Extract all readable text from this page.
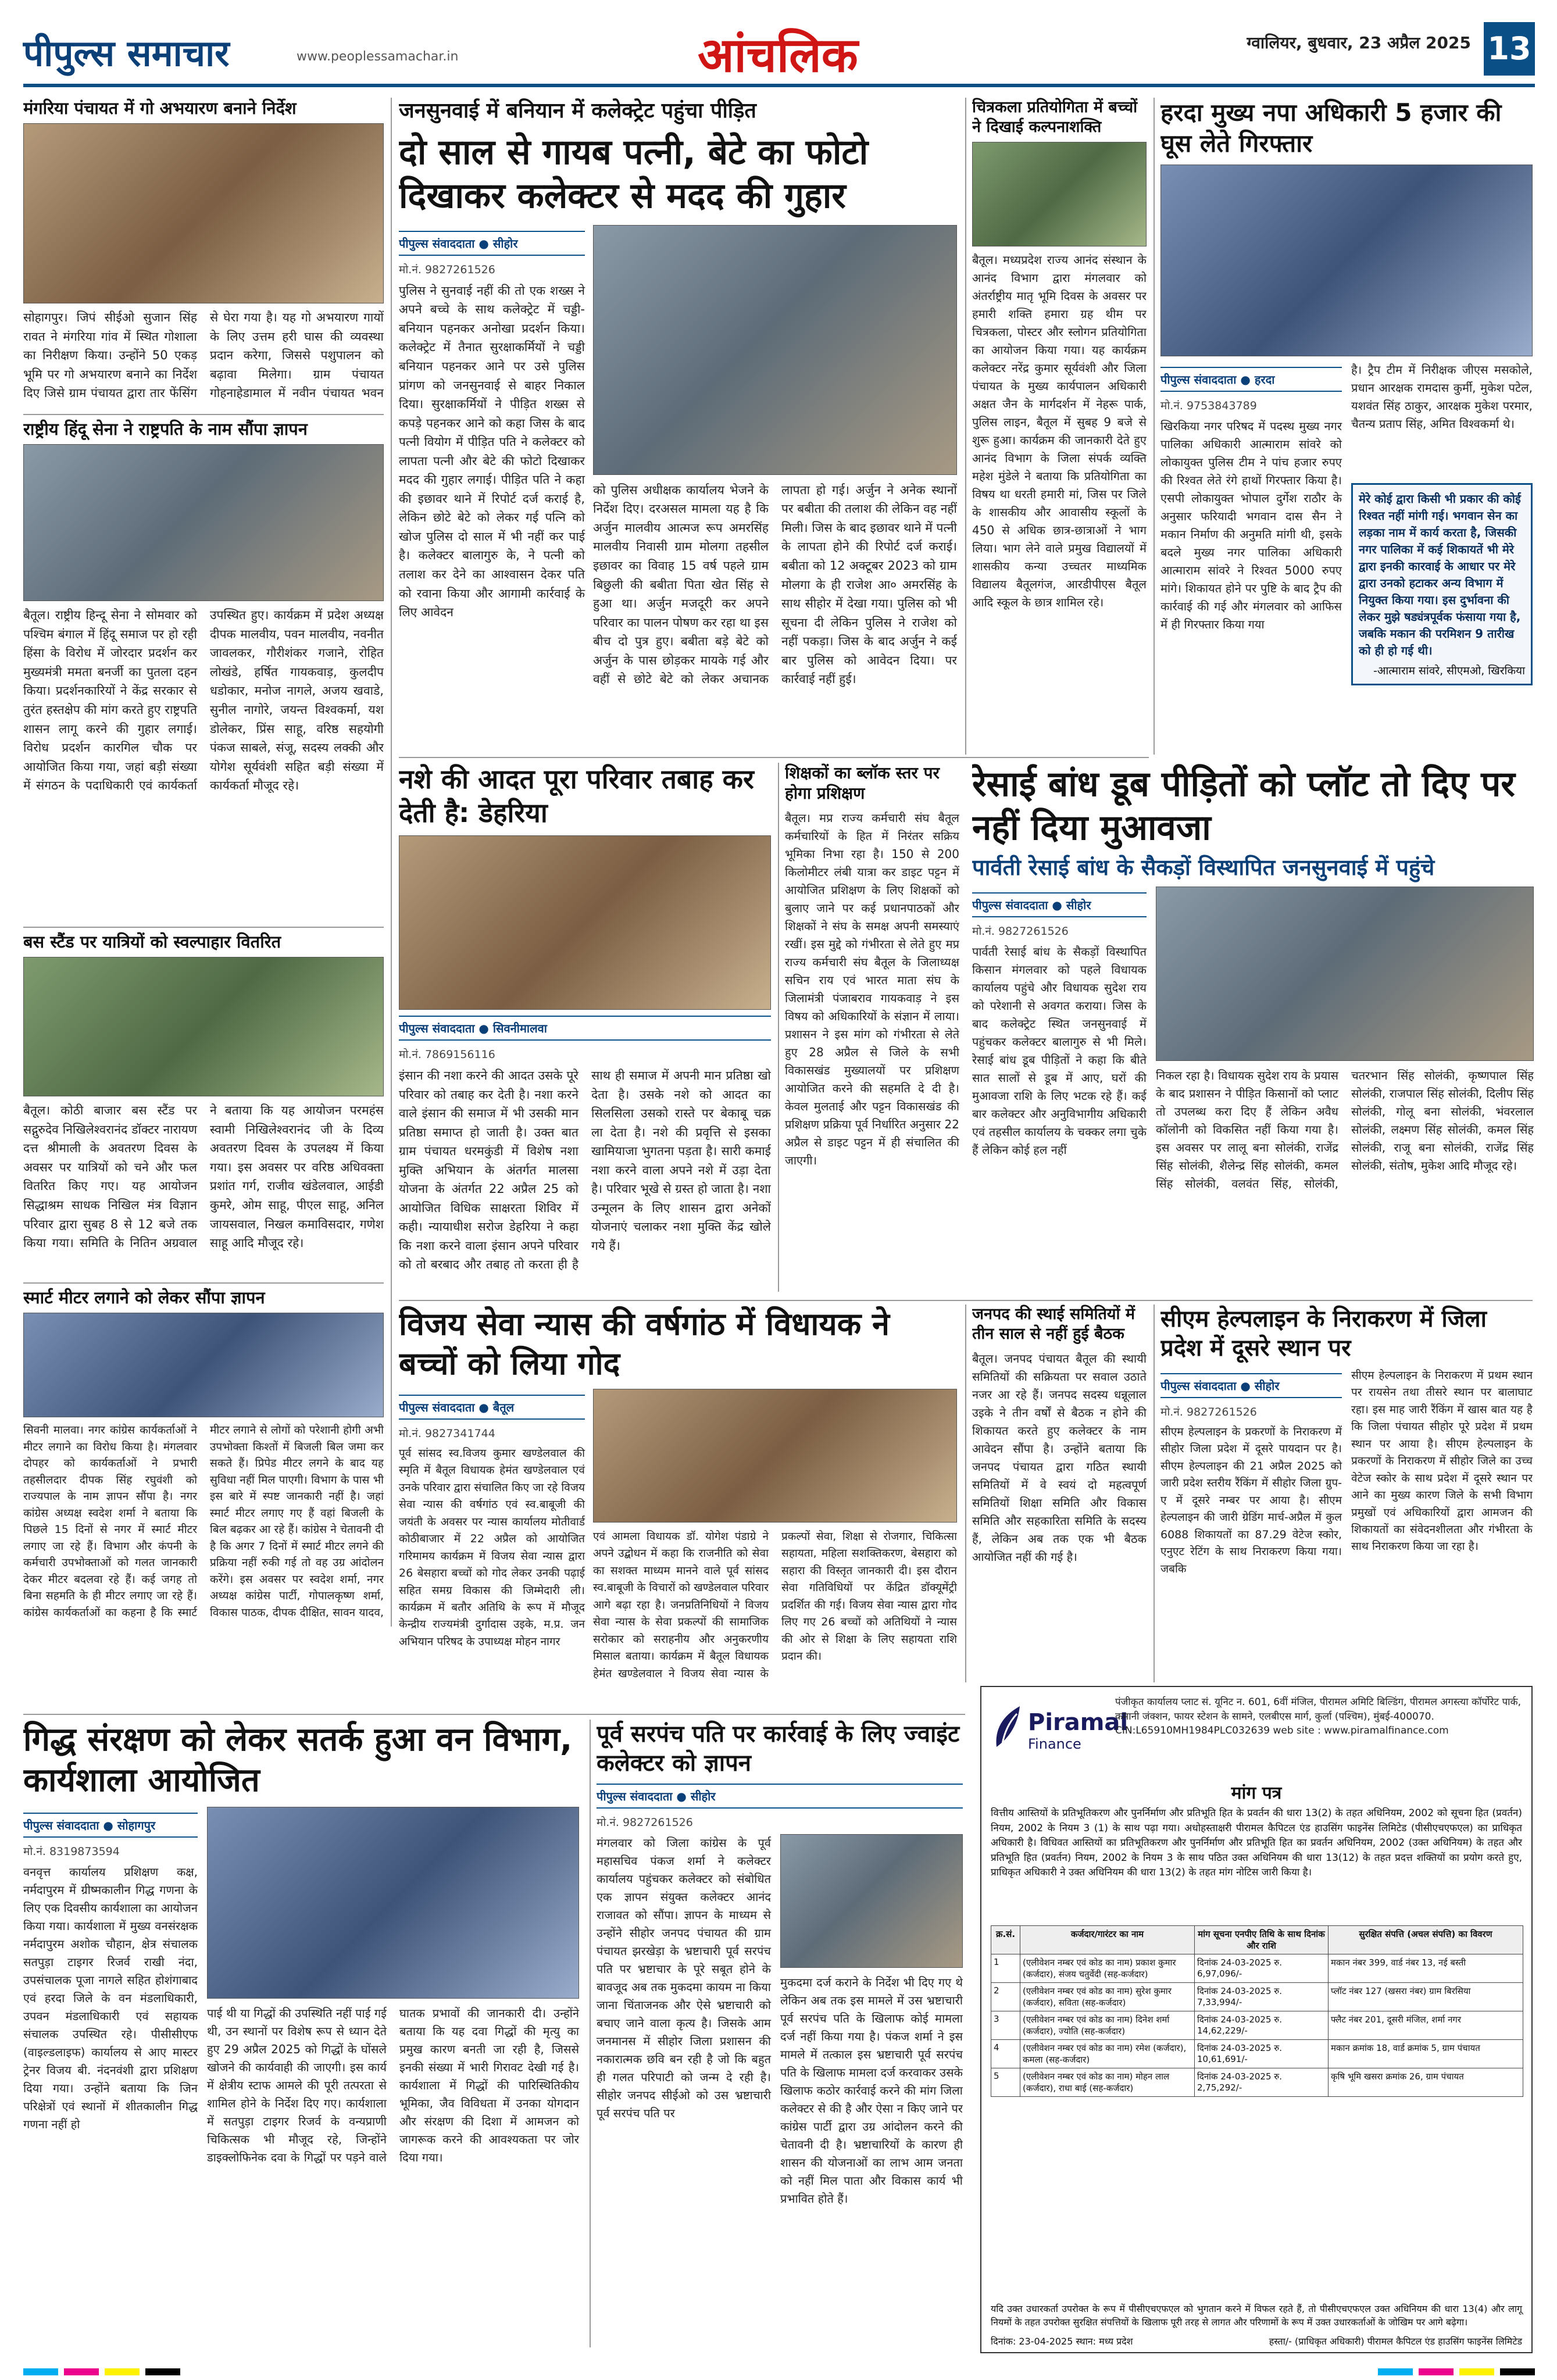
पीपुल्स समाचार	www.peoplessamachar.in	आंचलिक	ग्वालियर, बुधवार, 23 अप्रैल 2025 13
मंगरिया पंचायत में गो अभयारण बनाने निर्देश
सोहागपुर। जिपं सीईओ सुजान सिंह रावत ने मंगरिया गांव में स्थित गोशाला का निरीक्षण किया। उन्होंने 50 एकड़ भूमि पर गो अभयारण बनाने का निर्देश दिए जिसे ग्राम पंचायत द्वारा तार फेंसिंग से घेरा गया है। यह गो अभयारण गायों के लिए उत्तम हरी घास की व्यवस्था प्रदान करेगा, जिससे पशुपालन को बढ़ावा मिलेगा। ग्राम पंचायत गोहनाहेडामाल में नवीन पंचायत भवन
राष्ट्रीय हिंदू सेना ने राष्ट्रपति के नाम सौंपा ज्ञापन
बैतूल। राष्ट्रीय हिन्दू सेना ने सोमवार को पश्चिम बंगाल में हिंदू समाज पर हो रही हिंसा के विरोध में जोरदार प्रदर्शन कर मुख्यमंत्री ममता बनर्जी का पुतला दहन किया। प्रदर्शनकारियों ने केंद्र सरकार से तुरंत हस्तक्षेप की मांग करते हुए राष्ट्रपति शासन लागू करने की गुहार लगाई। विरोध प्रदर्शन कारगिल चौक पर आयोजित किया गया, जहां बड़ी संख्या में संगठन के पदाधिकारी एवं कार्यकर्ता उपस्थित हुए। कार्यक्रम में प्रदेश अध्यक्ष दीपक मालवीय, पवन मालवीय, नवनीत जावलकर, गौरीशंकर गजाने, रोहित लोखंडे, हर्षित गायकवाड़, कुलदीप धडोकार, मनोज नागले, अजय खवाडे, सुनील नागोरे, जयन्त विश्वकर्मा, यश डोलेकर, प्रिंस साहू, वरिष्ठ सहयोगी पंकज साबले, संजू, सदस्य लक्की और योगेश सूर्यवंशी सहित बड़ी संख्या में कार्यकर्ता मौजूद रहे।
बस स्टैंड पर यात्रियों को स्वल्पाहार वितरित
बैतूल। कोठी बाजार बस स्टैंड पर सद्गुरुदेव निखिलेश्वरानंद डॉक्टर नारायण दत्त श्रीमाली के अवतरण दिवस के अवसर पर यात्रियों को चने और फल वितरित किए गए। यह आयोजन सिद्धाश्रम साधक निखिल मंत्र विज्ञान परिवार द्वारा सुबह 8 से 12 बजे तक किया गया। समिति के नितिन अग्रवाल ने बताया कि यह आयोजन परमहंस स्वामी निखिलेश्वरानंद जी के दिव्य अवतरण दिवस के उपलक्ष्य में किया गया। इस अवसर पर वरिष्ठ अधिवक्ता प्रशांत गर्ग, राजीव खंडेलवाल, आईडी कुमरे, ओम साहू, पीएल साहू, अनिल जायसवाल, निखल कमाविसदार, गणेश साहू आदि मौजूद रहे।
स्मार्ट मीटर लगाने को लेकर सौंपा ज्ञापन
सिवनी मालवा। नगर कांग्रेस कार्यकर्ताओं ने मीटर लगाने का विरोध किया है। मंगलवार दोपहर को कार्यकर्ताओं ने प्रभारी तहसीलदार दीपक सिंह रघुवंशी को राज्यपाल के नाम ज्ञापन सौंपा है। नगर कांग्रेस अध्यक्ष स्वदेश शर्मा ने बताया कि पिछले 15 दिनों से नगर में स्मार्ट मीटर लगाए जा रहे हैं। विभाग और कंपनी के कर्मचारी उपभोक्ताओं को गलत जानकारी देकर मीटर बदलवा रहे हैं। कई जगह तो बिना सहमति के ही मीटर लगाए जा रहे हैं। कांग्रेस कार्यकर्ताओं का कहना है कि स्मार्ट मीटर लगाने से लोगों को परेशानी होगी अभी उपभोक्ता किश्तों में बिजली बिल जमा कर सकते हैं। प्रिपेड मीटर लगने के बाद यह सुविधा नहीं मिल पाएगी। विभाग के पास भी इस बारे में स्पष्ट जानकारी नहीं है। जहां स्मार्ट मीटर लगाए गए हैं वहां बिजली के बिल बढ़कर आ रहे हैं। कांग्रेस ने चेतावनी दी है कि अगर 7 दिनों में स्मार्ट मीटर लगने की प्रक्रिया नहीं रुकी गई तो वह उग्र आंदोलन करेंगे। इस अवसर पर स्वदेश शर्मा, नगर अध्यक्ष कांग्रेस पार्टी, गोपालकृष्ण शर्मा, विकास पाठक, दीपक दीक्षित, सावन यादव,
जनसुनवाई में बनियान में कलेक्ट्रेट पहुंचा पीड़ित
दो साल से गायब पत्नी, बेटे का फोटो दिखाकर कलेक्टर से मदद की गुहार
पीपुल्स संवाददाता ● सीहोर
मो.नं. 9827261526
पुलिस ने सुनवाई नहीं की तो एक शख्स ने अपने बच्चे के साथ कलेक्ट्रेट में चड्डी-बनियान पहनकर अनोखा प्रदर्शन किया। कलेक्ट्रेट में तैनात सुरक्षाकर्मियों ने चड्डी बनियान पहनकर आने पर उसे पुलिस प्रांगण को जनसुनवाई से बाहर निकाल दिया। सुरक्षाकर्मियों ने पीड़ित शख्स से कपड़े पहनकर आने को कहा जिस के बाद पत्नी वियोग में पीड़ित पति ने कलेक्टर को लापता पत्नी और बेटे की फोटो दिखाकर मदद की गुहार लगाई। पीड़ित पति ने कहा की इछावर थाने में रिपोर्ट दर्ज कराई है, लेकिन छोटे बेटे को लेकर गई पत्नि को खोज पुलिस दो साल में भी नहीं कर पाई है। कलेक्टर बालागुरु के, ने पत्नी को तलाश कर देने का आश्वासन देकर पति को रवाना किया और आगामी कार्रवाई के लिए आवेदन
को पुलिस अधीक्षक कार्यालय भेजने के निर्देश दिए। दरअसल मामला यह है कि अर्जुन मालवीय आत्मज रूप अमरसिंह मालवीय निवासी ग्राम मोलगा तहसील इछावर का विवाह 15 वर्ष पहले ग्राम बिछुली की बबीता पिता खेत सिंह से हुआ था। अर्जुन मजदूरी कर अपने परिवार का पालन पोषण कर रहा था इस बीच दो पुत्र हुए। बबीता बड़े बेटे को अर्जुन के पास छोड़कर मायके गई और वहीं से छोटे बेटे को लेकर अचानक लापता हो गई। अर्जुन ने अनेक स्थानों पर बबीता की तलाश की लेकिन वह नहीं मिली। जिस के बाद इछावर थाने में पत्नी के लापता होने की रिपोर्ट दर्ज कराई। बबीता को 12 अक्टूबर 2023 को ग्राम मोलगा के ही राजेश आ० अमरसिंह के साथ सीहोर में देखा गया। पुलिस को भी सूचना दी लेकिन पुलिस ने राजेश को नहीं पकड़ा। जिस के बाद अर्जुन ने कई बार पुलिस को आवेदन दिया। पर कार्रवाई नहीं हुई।
नशे की आदत पूरा परिवार तबाह कर देती है: डेहरिया
पीपुल्स संवाददाता ● सिवनीमालवा
मो.नं. 7869156116
इंसान की नशा करने की आदत उसके पूरे परिवार को तबाह कर देती है। नशा करने वाले इंसान की समाज में भी उसकी मान प्रतिष्ठा समाप्त हो जाती है। उक्त बात ग्राम पंचायत धरमकुंडी में विशेष नशा मुक्ति अभियान के अंतर्गत मालसा योजना के अंतर्गत 22 अप्रैल 25 को आयोजित विधिक साक्षरता शिविर में कही। न्यायाधीश सरोज डेहरिया ने कहा कि नशा करने वाला इंसान अपने परिवार को तो बरबाद और तबाह तो करता ही है साथ ही समाज में अपनी मान प्रतिष्ठा खो देता है। उसके नशे को आदत का सिलसिला उसको रास्ते पर बेकाबू चक्र ला देता है। नशे की प्रवृत्ति से इसका खामियाजा भुगतना पड़ता है। सारी कमाई नशा करने वाला अपने नशे में उड़ा देता है। परिवार भूखे से ग्रस्त हो जाता है। नशा उन्मूलन के लिए शासन द्वारा अनेकों योजनाएं चलाकर नशा मुक्ति केंद्र खोले गये हैं।
शिक्षकों का ब्लॉक स्तर पर होगा प्रशिक्षण
बैतूल। मप्र राज्य कर्मचारी संघ बैतूल कर्मचारियों के हित में निरंतर सक्रिय भूमिका निभा रहा है। 150 से 200 किलोमीटर लंबी यात्रा कर डाइट पट्टन में आयोजित प्रशिक्षण के लिए शिक्षकों को बुलाए जाने पर कई प्रधानपाठकों और शिक्षकों ने संघ के समक्ष अपनी समस्याएं रखीं। इस मुद्दे को गंभीरता से लेते हुए मप्र राज्य कर्मचारी संघ बैतूल के जिलाध्यक्ष सचिन राय एवं भारत माता संघ के जिलामंत्री पंजाबराव गायकवाड़ ने इस विषय को अधिकारियों के संज्ञान में लाया। प्रशासन ने इस मांग को गंभीरता से लेते हुए 28 अप्रैल से जिले के सभी विकासखंड मुख्यालयों पर प्रशिक्षण आयोजित करने की सहमति दे दी है। केवल मुलताई और पट्टन विकासखंड की प्रशिक्षण प्रक्रिया पूर्व निर्धारित अनुसार 22 अप्रैल से डाइट पट्टन में ही संचालित की जाएगी।
चित्रकला प्रतियोगिता में बच्चों ने दिखाई कल्पनाशक्ति
बैतूल। मध्यप्रदेश राज्य आनंद संस्थान के आनंद विभाग द्वारा मंगलवार को अंतर्राष्ट्रीय मातृ भूमि दिवस के अवसर पर हमारी शक्ति हमारा ग्रह थीम पर चित्रकला, पोस्टर और स्लोगन प्रतियोगिता का आयोजन किया गया। यह कार्यक्रम कलेक्टर नरेंद्र कुमार सूर्यवंशी और जिला पंचायत के मुख्य कार्यपालन अधिकारी अक्षत जैन के मार्गदर्शन में नेहरू पार्क, पुलिस लाइन, बैतूल में सुबह 9 बजे से शुरू हुआ। कार्यक्रम की जानकारी देते हुए आनंद विभाग के जिला संपर्क व्यक्ति महेश मुंडेले ने बताया कि प्रतियोगिता का विषय था धरती हमारी मां, जिस पर जिले के शासकीय और आवासीय स्कूलों के 450 से अधिक छात्र-छात्राओं ने भाग लिया। भाग लेने वाले प्रमुख विद्यालयों में शासकीय कन्या उच्चतर माध्यमिक विद्यालय बैतूलगंज, आरडीपीएस बैतूल आदि स्कूल के छात्र शामिल रहे।
हरदा मुख्य नपा अधिकारी 5 हजार की घूस लेते गिरफ्तार
पीपुल्स संवाददाता ● हरदा
मो.नं. 9753843789
खिरकिया नगर परिषद में पदस्थ मुख्य नगर पालिका अधिकारी आत्माराम सांवरे को लोकायुक्त पुलिस टीम ने पांच हजार रुपए की रिश्वत लेते रंगे हाथों गिरफ्तार किया है। एसपी लोकायुक्त भोपाल दुर्गेश राठौर के अनुसार फरियादी भगवान दास सैन ने मकान निर्माण की अनुमति मांगी थी, इसके बदले मुख्य नगर पालिका अधिकारी आत्माराम सांवरे ने रिश्वत 5000 रुपए मांगे। शिकायत होने पर पुष्टि के बाद ट्रैप की कार्रवाई की गई और मंगलवार को आफिस में ही गिरफ्तार किया गया
है। ट्रैप टीम में निरीक्षक जीएस मसकोले, प्रधान आरक्षक रामदास कुर्मी, मुकेश पटेल, यशवंत सिंह ठाकुर, आरक्षक मुकेश परमार, चैतन्य प्रताप सिंह, अमित विश्वकर्मा थे।
मेरे कोई द्वारा किसी भी प्रकार की कोई रिश्वत नहीं मांगी गई। भगवान सेन का लड़का नाम में कार्य करता है, जिसकी नगर पालिका में कई शिकायतें भी मेरे द्वारा इनकी कारवाई के आधार पर मेरे द्वारा उनको हटाकर अन्य विभाग में नियुक्त किया गया। इस दुर्भावना की लेकर मुझे षड्यंत्रपूर्वक फंसाया गया है, जबकि मकान की परमिशन 9 तारीख को ही हो गई थी।
-आत्माराम सांवरे, सीएमओ, खिरकिया
रेसाई बांध डूब पीड़ितों को प्लॉट तो दिए पर नहीं दिया मुआवजा
पार्वती रेसाई बांध के सैकड़ों विस्थापित जनसुनवाई में पहुंचे
पीपुल्स संवाददाता ● सीहोर
मो.नं. 9827261526
पार्वती रेसाई बांध के सैकड़ों विस्थापित किसान मंगलवार को पहले विधायक कार्यालय पहुंचे और विधायक सुदेश राय को परेशानी से अवगत कराया। जिस के बाद कलेक्ट्रेट स्थित जनसुनवाई में पहुंचकर कलेक्टर बालागुरु से भी मिले। रेसाई बांध डूब पीड़ितों ने कहा कि बीते सात सालों से डूब में आए, घरों की मुआवजा राशि के लिए भटक रहे हैं। कई बार कलेक्टर और अनुविभागीय अधिकारी एवं तहसील कार्यालय के चक्कर लगा चुके हैं लेकिन कोई हल नहीं
निकल रहा है। विधायक सुदेश राय के प्रयास के बाद प्रशासन ने पीड़ित किसानों को प्लाट तो उपलब्ध करा दिए हैं लेकिन अवैध कॉलोनी को विकसित नहीं किया गया है। इस अवसर पर लालू बना सोलंकी, राजेंद्र सिंह सोलंकी, शैलेन्द्र सिंह सोलंकी, कमल सिंह सोलंकी, वलवंत सिंह, सोलंकी, चतरभान सिंह सोलंकी, कृष्णपाल सिंह सोलंकी, राजपाल सिंह सोलंकी, दिलीप सिंह सोलंकी, गोलू बना सोलंकी, भंवरलाल सोलंकी, लक्ष्मण सिंह सोलंकी, कमल सिंह सोलंकी, राजू बना सोलंकी, राजेंद्र सिंह सोलंकी, संतोष, मुकेश आदि मौजूद रहे।
विजय सेवा न्यास की वर्षगांठ में विधायक ने बच्चों को लिया गोद
पीपुल्स संवाददाता ● बैतूल
मो.नं. 9827341744
पूर्व सांसद स्व.विजय कुमार खण्डेलवाल की स्मृति में बैतूल विधायक हेमंत खण्डेलवाल एवं उनके परिवार द्वारा संचालित किए जा रहे विजय सेवा न्यास की वर्षगांठ एवं स्व.बाबूजी की जयंती के अवसर पर न्यास कार्यालय मोतीवार्ड कोठीबाजार में 22 अप्रैल को आयोजित गरिमामय कार्यक्रम में विजय सेवा न्यास द्वारा 26 बेसहारा बच्चों को गोद लेकर उनकी पढ़ाई सहित समग्र विकास की जिम्मेदारी ली। कार्यक्रम में बतौर अतिथि के रूप में मौजूद केन्द्रीय राज्यमंत्री दुर्गादास उइके, म.प्र. जन अभियान परिषद के उपाध्यक्ष मोहन नागर
एवं आमला विधायक डॉ. योगेश पंडाग्रे ने अपने उद्बोधन में कहा कि राजनीति को सेवा का सशक्त माध्यम मानने वाले पूर्व सांसद स्व.बाबूजी के विचारों को खण्डेलवाल परिवार आगे बढ़ा रहा है। जनप्रतिनिधियों ने विजय सेवा न्यास के सेवा प्रकल्पों की सामाजिक सरोकार को सराहनीय और अनुकरणीय मिसाल बताया। कार्यक्रम में बैतूल विधायक हेमंत खण्डेलवाल ने विजय सेवा न्यास के प्रकल्पों सेवा, शिक्षा से रोजगार, चिकित्सा सहायता, महिला सशक्तिकरण, बेसहारा को सहारा की विस्तृत जानकारी दी। इस दौरान सेवा गतिविधियों पर केंद्रित डॉक्यूमेंट्री प्रदर्शित की गई। विजय सेवा न्यास द्वारा गोद लिए गए 26 बच्चों को अतिथियों ने न्यास की ओर से शिक्षा के लिए सहायता राशि प्रदान की।
जनपद की स्थाई समितियों में तीन साल से नहीं हुई बैठक
बैतूल। जनपद पंचायत बैतूल की स्थायी समितियों की सक्रियता पर सवाल उठाते नजर आ रहे हैं। जनपद सदस्य धन्नूलाल उइके ने तीन वर्षों से बैठक न होने की शिकायत करते हुए कलेक्टर के नाम आवेदन सौंपा है। उन्होंने बताया कि जनपद पंचायत द्वारा गठित स्थायी समितियों में वे स्वयं दो महत्वपूर्ण समितियों शिक्षा समिति और विकास समिति और सहकारिता समिति के सदस्य हैं, लेकिन अब तक एक भी बैठक आयोजित नहीं की गई है।
सीएम हेल्पलाइन के निराकरण में जिला प्रदेश में दूसरे स्थान पर
पीपुल्स संवाददाता ● सीहोर
मो.नं. 9827261526
सीएम हेल्पलाइन के प्रकरणों के निराकरण में सीहोर जिला प्रदेश में दूसरे पायदान पर है। सीएम हेल्पलाइन की 21 अप्रैल 2025 को जारी प्रदेश स्तरीय रैंकिंग में सीहोर जिला ग्रुप-ए में दूसरे नम्बर पर आया है। सीएम हेल्पलाइन की जारी ग्रेडिंग मार्च-अप्रैल में कुल 6088 शिकायतों का 87.29 वेटेज स्कोर, एनुएट रेटिंग के साथ निराकरण किया गया। जबकि
सीएम हेल्पलाइन के निराकरण में प्रथम स्थान पर रायसेन तथा तीसरे स्थान पर बालाघाट रहा। इस माह जारी रैंकिंग में खास बात यह है कि जिला पंचायत सीहोर पूरे प्रदेश में प्रथम स्थान पर आया है। सीएम हेल्पलाइन के प्रकरणों के निराकरण में सीहोर जिले का उच्च वेटेज स्कोर के साथ प्रदेश में दूसरे स्थान पर आने का मुख्य कारण जिले के सभी विभाग प्रमुखों एवं अधिकारियों द्वारा आमजन की शिकायतों का संवेदनशीलता और गंभीरता के साथ निराकरण किया जा रहा है।
गिद्ध संरक्षण को लेकर सतर्क हुआ वन विभाग, कार्यशाला आयोजित
पीपुल्स संवाददाता ● सोहागपुर
मो.नं. 8319873594
वनवृत्त कार्यालय प्रशिक्षण कक्ष, नर्मदापुरम में ग्रीष्मकालीन गिद्ध गणना के लिए एक दिवसीय कार्यशाला का आयोजन किया गया। कार्यशाला में मुख्य वनसंरक्षक नर्मदापुरम अशोक चौहान, क्षेत्र संचालक सतपुड़ा टाइगर रिजर्व राखी नंदा, उपसंचालक पूजा नागले सहित होशंगाबाद एवं हरदा जिले के वन मंडलाधिकारी, उपवन मंडलाधिकारी एवं सहायक संचालक उपस्थित रहे। पीसीसीएफ (वाइल्डलाइफ) कार्यालय से आए मास्टर ट्रेनर विजय बी. नंदनवंशी द्वारा प्रशिक्षण दिया गया। उन्होंने बताया कि जिन परिक्षेत्रों एवं स्थानों में शीतकालीन गिद्ध गणना नहीं हो
पाई थी या गिद्धों की उपस्थिति नहीं पाई गई थी, उन स्थानों पर विशेष रूप से ध्यान देते हुए 29 अप्रैल 2025 को गिद्धों के घोंसले खोजने की कार्यवाही की जाएगी। इस कार्य में क्षेत्रीय स्टाफ आमले की पूरी तत्परता से शामिल होने के निर्देश दिए गए। कार्यशाला में सतपुड़ा टाइगर रिजर्व के वन्यप्राणी चिकित्सक भी मौजूद रहे, जिन्होंने डाइक्लोफिनेक दवा के गिद्धों पर पड़ने वाले घातक प्रभावों की जानकारी दी। उन्होंने बताया कि यह दवा गिद्धों की मृत्यु का प्रमुख कारण बनती जा रही है, जिससे इनकी संख्या में भारी गिरावट देखी गई है। कार्यशाला में गिद्धों की पारिस्थितिकीय भूमिका, जैव विविधता में उनका योगदान और संरक्षण की दिशा में आमजन को जागरूक करने की आवश्यकता पर जोर दिया गया।
पूर्व सरपंच पति पर कार्रवाई के लिए ज्वाइंट कलेक्टर को ज्ञापन
पीपुल्स संवाददाता ● सीहोर
मो.नं. 9827261526
मंगलवार को जिला कांग्रेस के पूर्व महासचिव पंकज शर्मा ने कलेक्टर कार्यालय पहुंचकर कलेक्टर को संबोधित एक ज्ञापन संयुक्त कलेक्टर आनंद राजावत को सौंपा। ज्ञापन के माध्यम से उन्होंने सीहोर जनपद पंचायत की ग्राम पंचायत झरखेड़ा के भ्रष्टाचारी पूर्व सरपंच पति पर भ्रष्टाचार के पूरे सबूत होने के बावजूद अब तक मुकदमा कायम ना किया जाना चिंताजनक और ऐसे भ्रष्टाचारी को बचाए जाने वाला कृत्य है। जिसके आम जनमानस में सीहोर जिला प्रशासन की नकारात्मक छवि बन रही है जो कि बहुत ही गलत परिपाटी को जन्म दे रही है। सीहोर जनपद सीईओ को उस भ्रष्टाचारी पूर्व सरपंच पति पर
मुकदमा दर्ज कराने के निर्देश भी दिए गए थे लेकिन अब तक इस मामले में उस भ्रष्टाचारी पूर्व सरपंच पति के खिलाफ कोई मामला दर्ज नहीं किया गया है। पंकज शर्मा ने इस मामले में तत्काल इस भ्रष्टाचारी पूर्व सरपंच पति के खिलाफ मामला दर्ज करवाकर उसके खिलाफ कठोर कार्रवाई करने की मांग जिला कलेक्टर से की है और ऐसा न किए जाने पर कांग्रेस पार्टी द्वारा उग्र आंदोलन करने की चेतावनी दी है। भ्रष्टाचारियों के कारण ही शासन की योजनाओं का लाभ आम जनता को नहीं मिल पाता और विकास कार्य भी प्रभावित होते हैं।
Piramal
Finance
पंजीकृत कार्यालय प्लाट सं. यूनिट न. 601, 6वीं मंजिल, पीरामल अमिटि बिल्डिंग, पीरामल अगस्त्या कॉर्पोरेट पार्क, कमानी जंक्शन, फायर स्टेशन के सामने, एलबीएस मार्ग, कुर्ला (पश्चिम), मुंबई-400070. CIN:L65910MH1984PLC032639 web site : www.piramalfinance.com
मांग पत्र
वित्तीय आस्तियों के प्रतिभूतिकरण और पुनर्निर्माण और प्रतिभूति हित के प्रवर्तन की धारा 13(2) के तहत अधिनियम, 2002 को सूचना हित (प्रवर्तन) नियम, 2002 के नियम 3 (1) के साथ पढ़ा गया। अधोहस्ताक्षरी पीरामल कैपिटल एंड हाउसिंग फाइनेंस लिमिटेड (पीसीएचएफएल) का प्राधिकृत अधिकारी है। विधिवत आस्तियों का प्रतिभूतिकरण और पुनर्निर्माण और प्रतिभूति हित का प्रवर्तन अधिनियम, 2002 (उक्त अधिनियम) के तहत और प्रतिभूति हित (प्रवर्तन) नियम, 2002 के नियम 3 के साथ पठित उक्त अधिनियम की धारा 13(12) के तहत प्रदत्त शक्तियों का प्रयोग करते हुए, प्राधिकृत अधिकारी ने उक्त अधिनियम की धारा 13(2) के तहत मांग नोटिस जारी किया है।
क्र.सं.	कर्जदार/गारंटर का नाम	मांग सूचना एनपीए तिथि के साथ दिनांक और राशि	सुरक्षित संपत्ति (अचल संपत्ति) का विवरण
1	(एलीवेशन नम्बर एवं कोड का नाम) प्रकाश कुमार (कर्जदार), संजय चतुर्वेदी (सह-कर्जदार)	दिनांक 24-03-2025 रु. 6,97,096/-	मकान नंबर 399, वार्ड नंबर 13, नई बस्ती
2	(एलीवेशन नम्बर एवं कोड का नाम) सुरेश कुमार (कर्जदार), सविता (सह-कर्जदार)	दिनांक 24-03-2025 रु. 7,33,994/-	प्लॉट नंबर 127 (खसरा नंबर) ग्राम बिरसिया
3	(एलीवेशन नम्बर एवं कोड का नाम) दिनेश शर्मा (कर्जदार), ज्योति (सह-कर्जदार)	दिनांक 24-03-2025 रु. 14,62,229/-	फ्लैट नंबर 201, दूसरी मंजिल, शर्मा नगर
4	(एलीवेशन नम्बर एवं कोड का नाम) रमेश (कर्जदार), कमला (सह-कर्जदार)	दिनांक 24-03-2025 रु. 10,61,691/-	मकान क्रमांक 18, वार्ड क्रमांक 5, ग्राम पंचायत
5	(एलीवेशन नम्बर एवं कोड का नाम) मोहन लाल (कर्जदार), राधा बाई (सह-कर्जदार)	दिनांक 24-03-2025 रु. 2,75,292/-	कृषि भूमि खसरा क्रमांक 26, ग्राम पंचायत
यदि उक्त उधारकर्ता उपरोक्त के रूप में पीसीएचएफएल को भुगतान करने में विफल रहते हैं, तो पीसीएचएफएल उक्त अधिनियम की धारा 13(4) और लागू नियमों के तहत उपरोक्त सुरक्षित संपत्तियों के खिलाफ पूरी तरह से लागत और परिणामों के रूप में उक्त उधारकर्ताओं के जोखिम पर आगे बढ़ेगा।
दिनांक: 23-04-2025 स्थान: मध्य प्रदेश	हस्ता/- (प्राधिकृत अधिकारी) पीरामल कैपिटल एंड हाउसिंग फाइनेंस लिमिटेड
